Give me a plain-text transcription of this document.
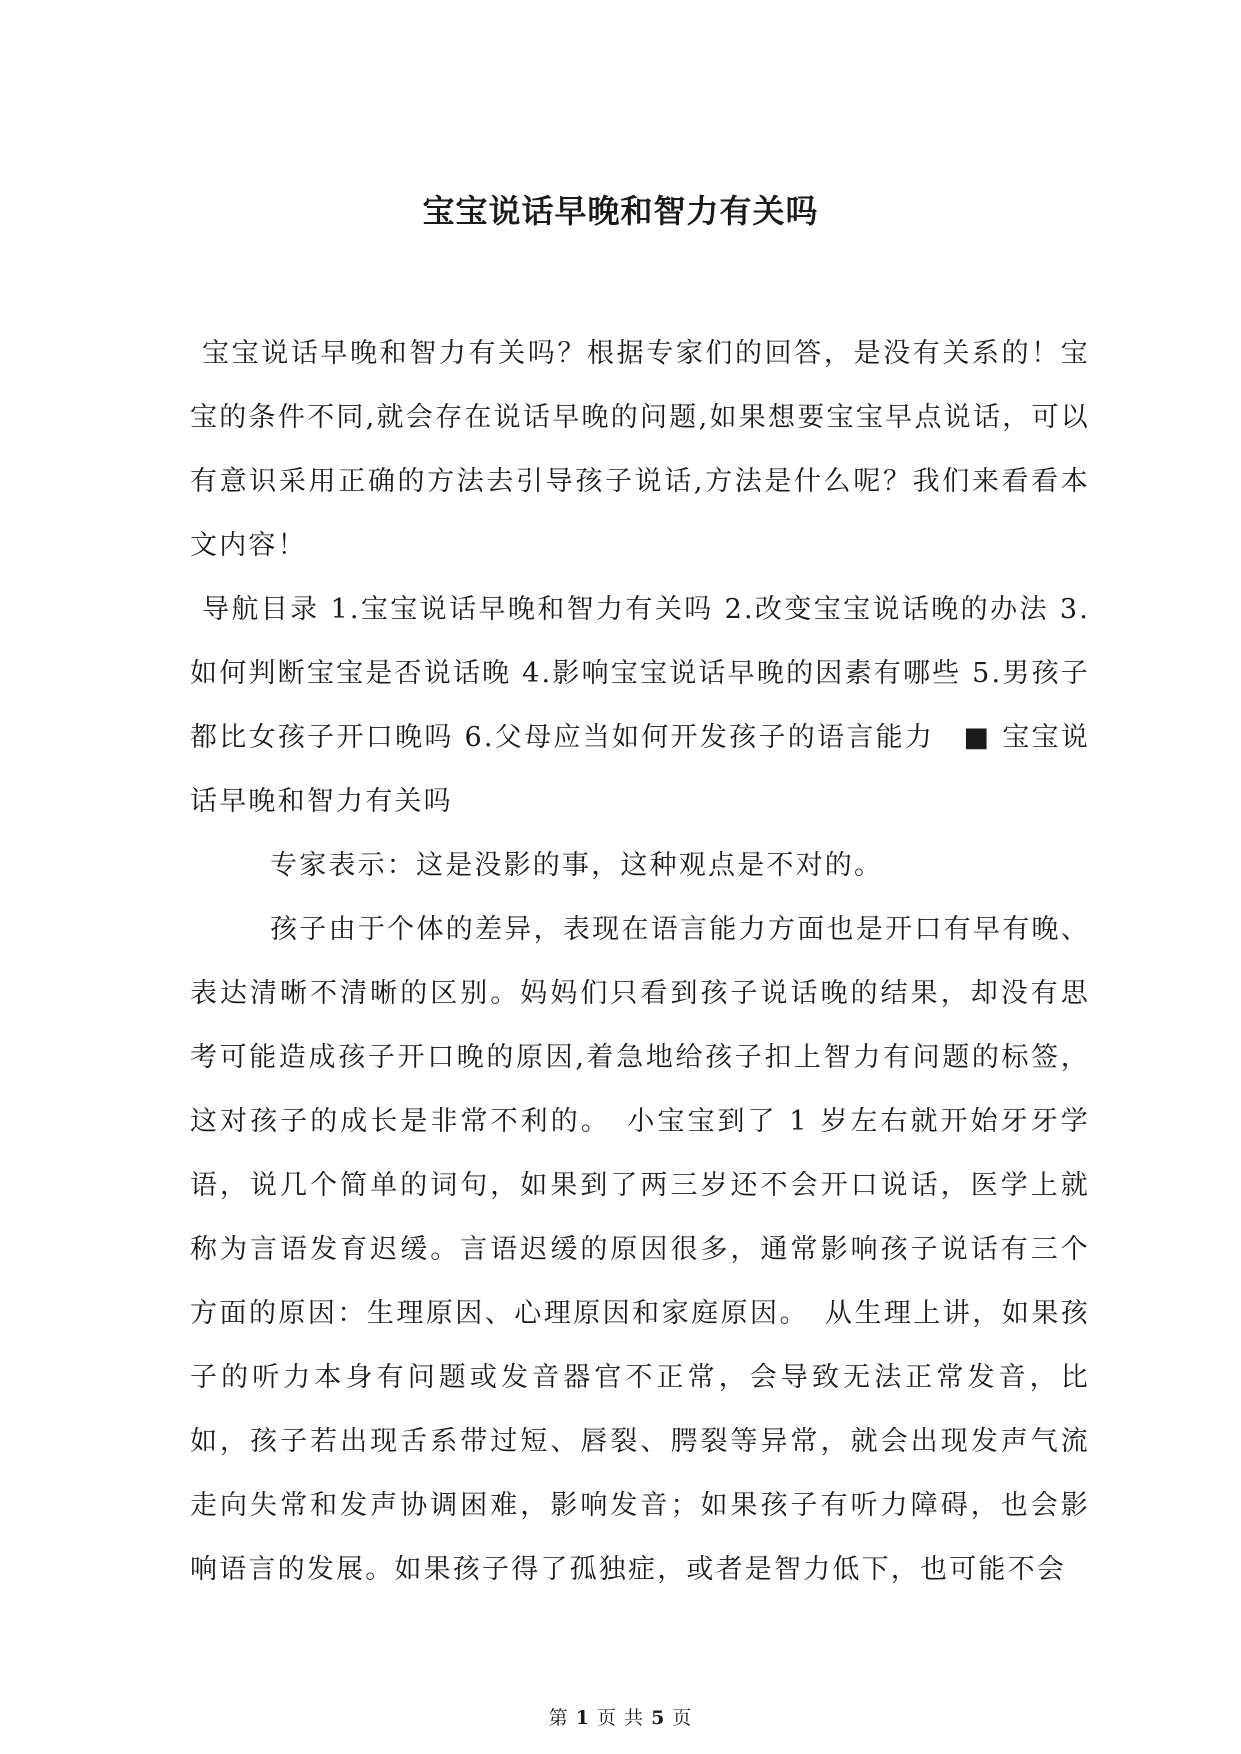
宝宝说话早晚和智力有关吗

宝宝说话早晚和智力有关吗？根据专家们的回答，是没有关系的！宝宝的条件不同,就会存在说话早晚的问题,如果想要宝宝早点说话，可以有意识采用正确的方法去引导孩子说话,方法是什么呢？我们来看看本文内容！

导航目录 1.宝宝说话早晚和智力有关吗 2.改变宝宝说话晚的办法 3.如何判断宝宝是否说话晚 4.影响宝宝说话早晚的因素有哪些 5.男孩子都比女孩子开口晚吗 6.父母应当如何开发孩子的语言能力　■ 宝宝说话早晚和智力有关吗

专家表示：这是没影的事，这种观点是不对的。

孩子由于个体的差异，表现在语言能力方面也是开口有早有晚、表达清晰不清晰的区别。妈妈们只看到孩子说话晚的结果，却没有思考可能造成孩子开口晚的原因,着急地给孩子扣上智力有问题的标签，这对孩子的成长是非常不利的。　小宝宝到了 1 岁左右就开始牙牙学语，说几个简单的词句，如果到了两三岁还不会开口说话，医学上就称为言语发育迟缓。言语迟缓的原因很多，通常影响孩子说话有三个方面的原因：生理原因、心理原因和家庭原因。　从生理上讲，如果孩子的听力本身有问题或发音器官不正常，会导致无法正常发音，比如，孩子若出现舌系带过短、唇裂、腭裂等异常，就会出现发声气流走向失常和发声协调困难，影响发音；如果孩子有听力障碍，也会影响语言的发展。如果孩子得了孤独症，或者是智力低下，也可能不会

第 1 页 共 5 页
